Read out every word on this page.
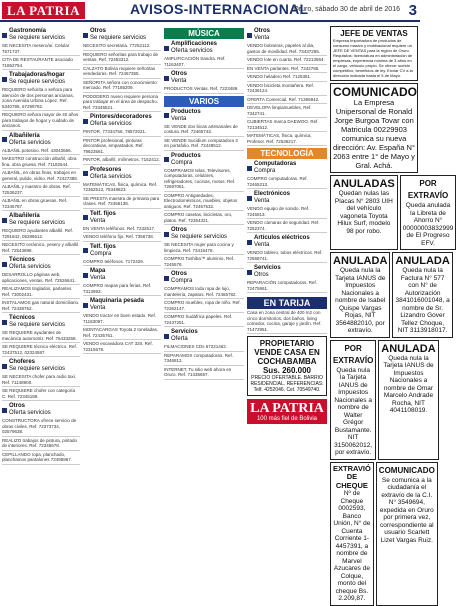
LA PATRIA	AVISOS-INTERNACIONAL
Oruro, sábado 30 de abril de 2016 3
Gastronomía
Se requiere servicios
SE NECESITA mesero/a/. Celular 7671737.
CITA DE RESTAURANTE asociado 71862754.
Trabajadoras/hogar
Se requiere servicios
REQUIERO señorita o señora para atención de dos personas ancianas, zona Avenida Urbina López. Ref. 5340785, 67299782.
REQUIERO señora mayor de 40 años para trabajos de hogar y cuidado de ancianos.
Albañilería
Oferta servicios
ALBAÑIL potosino. Ref. 43043656.
MAESTRO construcción albañil, obra fina, obra gruesa. Ref. 71182544.
ALBAÑIL, en obras finas, trabajos en general, pulido, vidrio. Ref. 72427388.
ALBAÑIL y maestro de obras. Ref. 72536237.
ALBAÑIL en obras gruesas. Ref. 72346787.
Albañilería
Se requiere servicios
REQUIERO ayudantes albañil. Ref. 7291842, 05286612.
NECESITO cerámico, yesero y albañil. Ref. 72543898.
Técnicos
Oferta servicios
DESARROLLO páginas web, aplicaciones, ventas. Ref. 72526641.
REALIZAMOS tinglados, parlantes. Ref. 73002431.
INSTALAMOS gas natural domiciliario. Ref. 72438752.
Técnicos
Se requiere servicios
SE REQUIERE ayudantes de mecánica automotriz. Ref. 76433268.
SE REQUIERE técnico eléctrico. Ref. 72437512, 02324587.
Choferes
Se requiere servicios
SE NECESITA chofer para radio taxi. Ref. 71148900.
SE REQUIERE chofer con categoría C. Ref. 72345189.
Otros
Oferta servicios
CONSTRUCTORA ofrece servicio de obras civiles. Ref. 72373734, 02579638.
REALIZO trabajos de pintura, pintado de interiores. Ref. 72345678.
CEPILLANDO ropa, planchado, planchamos pantalones 72495867.
Otros
Se requiere servicios
NECESITO secretaria. 77252112.
REQUIERO señoritas para trabajo de ventas. Ref. 72453312.
CALZATO Bolivia requiere señoritas vendedoras. Ref. 72467355.
SEÑORITA señora con conocimiento mercado. Ref. 77185209.
PODODERO nuevo requiere persona para trabajar en el área de despacho. Ref. 73345521.
Pintores/decoradores
Oferta servicios
PINTOR. 77334756, 78572021.
PINTOR profesional, pinturas decorativas, empastados. Ref. 79623561.
PINTOR, albañil, milímetros. 7152412.
Profesores
Oferta servicios
MATEMÁTICAS, física, química. Ref. 72362513, 75348823.
SE PRESTA maestra de primaria para clases. Ref. 72456138.
Telf. fijos
Venta
EN VENTA teléfonos. Ref. 7232517.
VENDO teléfono fijo. Ref. 7356738.
Telf. fijos
Compra
COMPRO teléfonos. 7172429.
Mapa
Venta
COMPRO mapas para ferias. Ref. 7313993.
Maquinaria pesada
Venta
VENDO tractor en buen estado. Ref. 71183097.
MONTACARGAS Toyota 2 toneladas. Ref. 72435761.
VENDO excavadora CAT 320. Ref. 72315678.
MÚSICA
Amplificaciones
Oferta servicios
AMPLIFICACIÓN Sandra. Ref. 71163407.
Otros
Venta
PRODUCTOS Ventas. Ref. 7223489.
VARIOS
Productos
Venta
SE VENDE dos bicas artesanales de costura. Ref. 72465743.
SE VENDE Sucidium computadora 3 en portafolio. Ref. 72448512.
Productos
Compra
COMPRAMOS telas, Televisores, computadoras, celulares, refrigeradores, cocinas, motos. Ref. 72697061.
COMPRO Antigüedades, Electrodomésticos, muebles, objetos antiguos. Ref. 72467532.
COMPRO casetas, bicicletas, oro, platos. Ref. 72354321.
Otros
Se requiere servicios
SE NECESITA mujer para cocina y limpieza. Ref. 73416478.
COMPRO Toshiba™ aluminio, Ref. 7245578.
Otros
Compra
COMPRAMOS toda ropa de lujo, mantelería, zapatos. Ref. 72465782.
COMPRO muebles, ropa de niño. Ref. 72362147.
COMPRO Sudáfrica papeles. Ref. 72437251.
Servicios
Oferta
FILMACIONES CDs 67221462.
REPARAMOS computadoras. Ref. 7346812.
INTERNET, Tu sitio web ahora en Oruro. Ref. 71435697.
Otros
Venta
VENDO botineras, papeles al dia, gastos de movilidad. Ref. 73437255.
VENDO lote en cuarta. Ref. 72213564.
EN VENTA parlantes. Ref. 7242785.
VENDO heladero Ref. 7125381.
VENDO bicicleta montañera. Ref. 72436124.
OFERTA Comercial. Ref. 71365842.
DEVELOPA limpiamuebles, Ref. 7342741.
CUBIERTAS marca DAEWOO. Ref. 72134512.
MATEMÁTICAS, física, química, Profesor. Ref. 72536217.
TECNOLOGÍA
Computadoras
Compra
COMPRO computadoras. Ref. 72465213.
Electrónicos
Venta
VENDO equipo de sonido. Ref. 7245813.
VENDO cámaras de seguridad. Ref. 7252374.
Artículos eléctricos
Venta
VENDO tablero, tubos eléctricos. Ref. 72568741.
Servicios
Otros
REPARACIÓN computadoras. Ref. 72475861.
EN TARIJA
Casa en zona central de 400 m2 con cinco dormitorios, dos baños, living comedor, cocina, garaje y jardín. Ref. 71472951.
PROPIETARIO VENDE CASA EN COCHABAMBA
Sus. 260.000
PRECIO OFERTABLE. BARRIO RESIDENCIAL. REFERENCIAS: Telf. 4252046. Cel. 70549740.
LA PATRIA
100 más fiel de Bolivia
JEFE DE VENTAS
Empresa Importadora de productos de consumo masivo y multinacional requiere un JEFE DE VENTAS para la región de Oruro. Requisitos: licenciatura en administración de empresas, experiencia mínima de 3 años en el cargo, vehículo propio. Se ofrece: sueldo competitivo, beneficios de ley. Enviar CV a la dirección indicada hasta el 5 de Mayo.
COMUNICADO
La Empresa Unipersonal de Ronald Jorge Burgoa Tovar con Matricula 00229903 comunica su nueva dirección: Av. España N° 2063 entre 1° de Mayo y Gral. Achá.
ANULADAS
Quedan nulas las Placas N° 2803 UIH del vehículo vagoneta Toyota Hilux Surf, modelo 98 por robo.
POR EXTRAVÍO
Queda anulada la Libreta de Ahorro N° 00000003832999 de El Progreso EFV.
ANULADA
Queda nula la Tarjeta IANUS de Impuestos Nacionales a nombre de Isabel Quispe Vargas Rojas, NIT 3564882010, por extravío.
ANULADA
Queda nula la Factura N° 577 con N° de Autorización 3841016001048, a nombre de Sr. Lizandro Gover Tellez Choque, NIT 3113918017.
POR EXTRAVÍO
Queda nula la Tarjeta IANUS de Impuestos Nacionales a nombre de Walter Grégor Bustamante. NIT 3150062012, por extravío.
ANULADA
Queda nula la Tarjeta IANUS de Impuestos Nacionales a nombre de Omar Marcelo Andrade Rocha, NIT 4041108019.
EXTRAVIÓ DE CHEQUE
Nº de Cheque 0002593, Banco Unión, N° de Cuenta Corriente 1-4457391, a nombre de Marvel Azucares de Colque, monto del cheque Bs. 2.209,87.
COMUNICADO
Se comunica a la ciudadanía el extravío de la C.I. N° 3549694, expedida en Oruro por primera vez, correspondiente al usuario Scarlett Lizet Vargas Ruiz.
